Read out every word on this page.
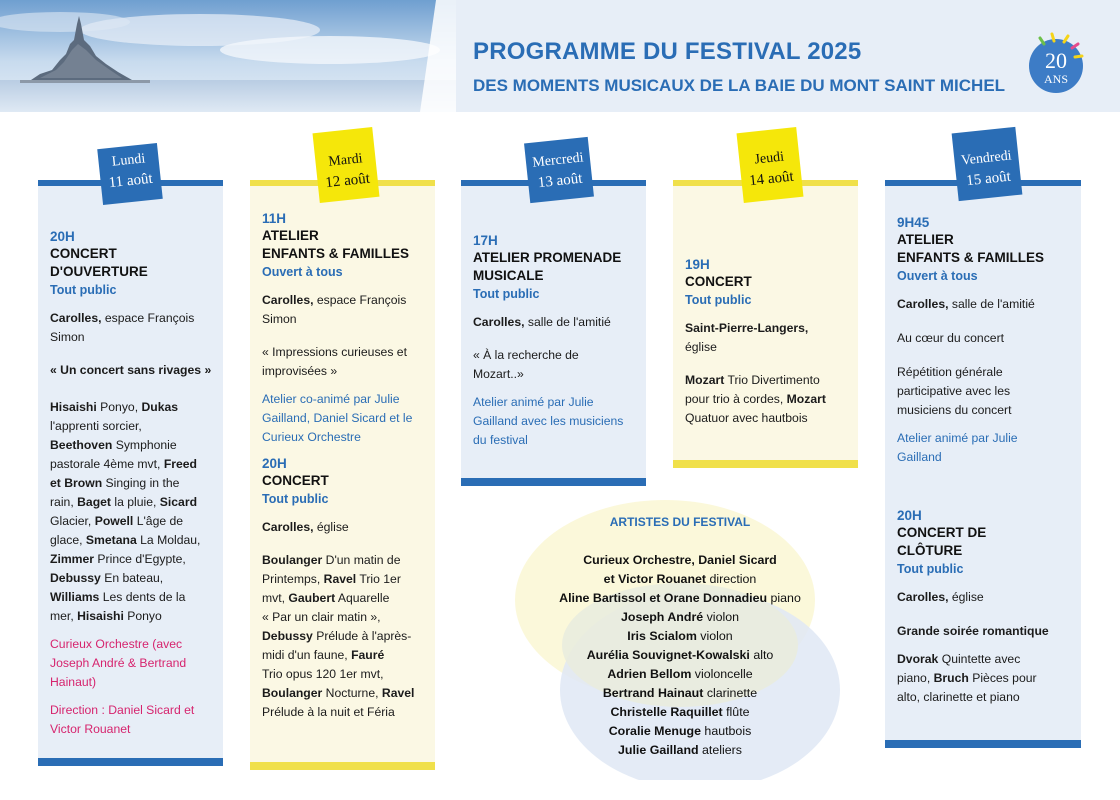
PROGRAMME DU FESTIVAL 2025
DES MOMENTS MUSICAUX DE LA BAIE DU MONT SAINT MICHEL
20
ANS
20H
CONCERT
D'OUVERTURE
Tout public
Carolles, espace François
Simon
« Un concert sans rivages »
Hisaishi Ponyo, Dukas
l'apprenti sorcier,
Beethoven Symphonie
pastorale 4ème mvt, Freed
et Brown Singing in the
rain, Baget la pluie, Sicard
Glacier, Powell L'âge de
glace, Smetana La Moldau,
Zimmer Prince d'Egypte,
Debussy En bateau,
Williams Les dents de la
mer, Hisaishi Ponyo
Curieux Orchestre (avec
Joseph André & Bertrand
Hainaut)
Direction : Daniel Sicard et
Victor Rouanet
11H
ATELIER
ENFANTS & FAMILLES
Ouvert à tous
Carolles, espace François
Simon
« Impressions curieuses et
improvisées »
Atelier co-animé par Julie
Gailland, Daniel Sicard et le
Curieux Orchestre
20H
CONCERT
Tout public
Carolles, église
Boulanger D'un matin de
Printemps, Ravel Trio 1er
mvt, Gaubert Aquarelle
« Par un clair matin »,
Debussy Prélude à l'après-
midi d'un faune, Fauré
Trio opus 120 1er mvt,
Boulanger Nocturne, Ravel
Prélude à la nuit et Féria
17H
ATELIER PROMENADE
MUSICALE
Tout public
Carolles, salle de l'amitié
« À la recherche de
Mozart..»
Atelier animé par Julie
Gailland avec les musiciens
du festival
19H
CONCERT
Tout public
Saint-Pierre-Langers,
église
Mozart Trio Divertimento
pour trio à cordes, Mozart
Quatuor avec hautbois
9H45
ATELIER
ENFANTS & FAMILLES
Ouvert à tous
Carolles, salle de l'amitié
Au cœur du concert
Répétition générale
participative avec les
musiciens du concert
Atelier animé par Julie
Gailland
20H
CONCERT DE
CLÔTURE
Tout public
Carolles, église
Grande soirée romantique
Dvorak Quintette avec
piano, Bruch Pièces pour
alto, clarinette et piano
Lundi
11 août
Mardi
12 août
Mercredi
13 août
Jeudi
14 août
Vendredi
15 août
ARTISTES DU FESTIVAL
Curieux Orchestre, Daniel Sicard
et Victor Rouanet direction
Aline Bartissol et Orane Donnadieu piano
Joseph André violon
Iris Scialom violon
Aurélia Souvignet-Kowalski alto
Adrien Bellom violoncelle
Bertrand Hainaut clarinette
Christelle Raquillet flûte
Coralie Menuge hautbois
Julie Gailland ateliers
